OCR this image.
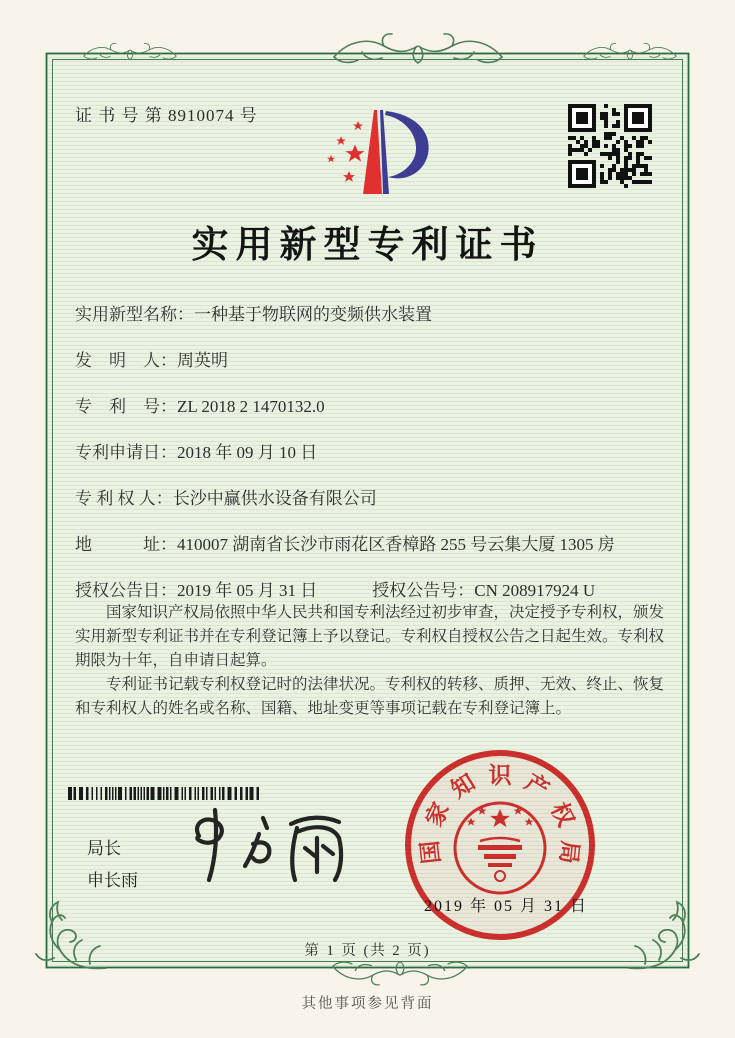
证 书 号 第 8910074 号
实用新型专利证书
实用新型名称：一种基于物联网的变频供水装置
发　明　人：周英明
专　利　号：ZL 2018 2 1470132.0
专利申请日：2018 年 09 月 10 日
专 利 权 人：长沙中赢供水设备有限公司
地　　　址：410007 湖南省长沙市雨花区香樟路 255 号云集大厦 1305 房
授权公告日：2019 年 05 月 31 日	授权公告号：CN 208917924 U

国家知识产权局依照中华人民共和国专利法经过初步审查，决定授予专利权，颁发实用新型专利证书并在专利登记簿上予以登记。专利权自授权公告之日起生效。专利权期限为十年，自申请日起算。

专利证书记载专利权登记时的法律状况。专利权的转移、质押、无效、终止、恢复和专利权人的姓名或名称、国籍、地址变更等事项记载在专利登记簿上。

局长
申长雨
国
家
知 识 产
权
局
2019 年 05 月 31 日
第 1 页 (共 2 页)
其他事项参见背面
